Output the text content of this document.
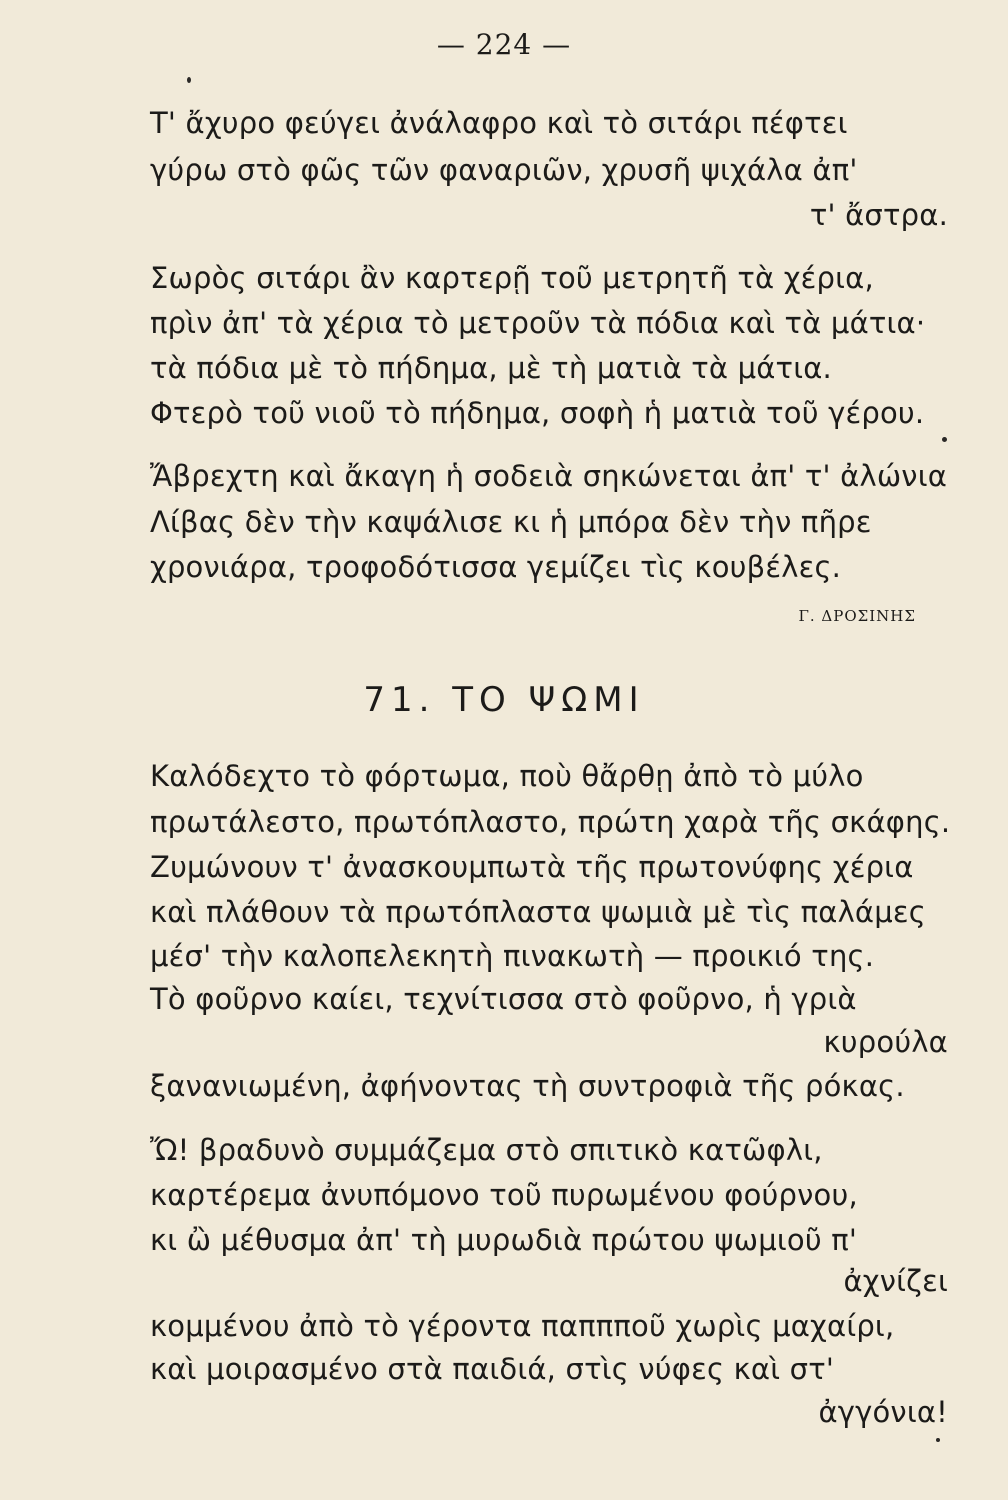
— 224 —
Τ' ἄχυρο φεύγει ἀνάλαφρο καὶ τὸ σιτάρι πέφτει
γύρω στὸ φῶς τῶν φαναριῶν, χρυσῆ ψιχάλα ἀπ'
τ' ἄστρα.
Σωρὸς σιτάρι ἂν καρτερῇ τοῦ μετρητῆ τὰ χέρια,
πρὶν ἀπ' τὰ χέρια τὸ μετροῦν τὰ πόδια καὶ τὰ μάτια·
τὰ πόδια μὲ τὸ πήδημα, μὲ τὴ ματιὰ τὰ μάτια.
Φτερὸ τοῦ νιοῦ τὸ πήδημα, σοφὴ ἡ ματιὰ τοῦ γέρου.
Ἄβρεχτη καὶ ἄκαγη ἡ σοδειὰ σηκώνεται ἀπ' τ' ἀλώνια
Λίβας δὲν τὴν καψάλισε κι ἡ μπόρα δὲν τὴν πῆρε
χρονιάρα, τροφοδότισσα γεμίζει τὶς κουβέλες.
Γ. ΔΡΟΣΙΝΗΣ
71. ΤΟ ΨΩΜΙ
Καλόδεχτο τὸ φόρτωμα, ποὺ θἄρθῃ ἀπὸ τὸ μύλο
πρωτάλεστο, πρωτόπλαστο, πρώτη χαρὰ τῆς σκάφης.
Ζυμώνουν τ' ἀνασκουμπωτὰ τῆς πρωτονύφης χέρια
καὶ πλάθουν τὰ πρωτόπλαστα ψωμιὰ μὲ τὶς παλάμες
μέσ' τὴν καλοπελεκητὴ πινακωτὴ — προικιό της.
Τὸ φοῦρνο καίει, τεχνίτισσα στὸ φοῦρνο, ἡ γριὰ
κυρούλα
ξανανιωμένη, ἀφήνοντας τὴ συντροφιὰ τῆς ρόκας.
Ὤ! βραδυνὸ συμμάζεμα στὸ σπιτικὸ κατῶφλι,
καρτέρεμα ἀνυπόμονο τοῦ πυρωμένου φούρνου,
κι ὢ μέθυσμα ἀπ' τὴ μυρωδιὰ πρώτου ψωμιοῦ π'
ἀχνίζει
κομμένου ἀπὸ τὸ γέροντα παππποῦ χωρὶς μαχαίρι,
καὶ μοιρασμένο στὰ παιδιά, στὶς νύφες καὶ στ'
ἀγγόνια!
